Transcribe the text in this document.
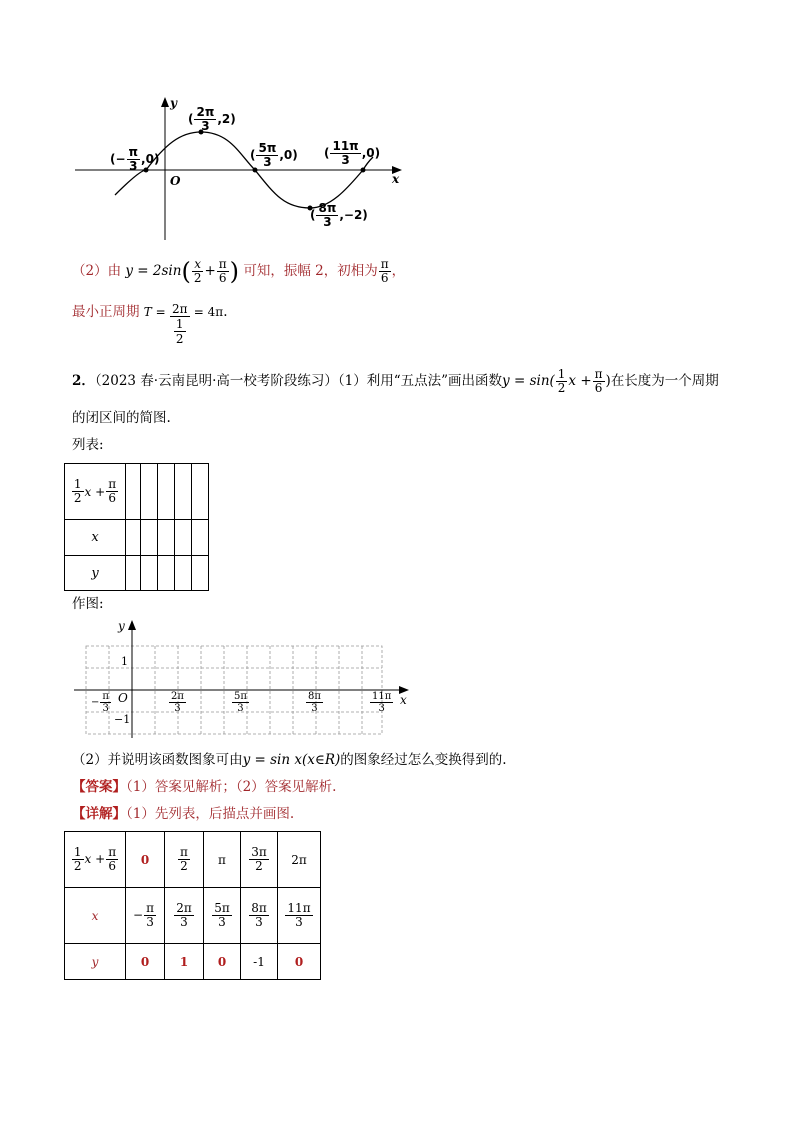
x
y
O
(− $\frac{\pi}{3} ,0$)
( $\frac{2\pi}{3} ,2$)
( $\frac{5\pi}{3} ,0$)
( $\frac{8\pi}{3} ,-2$)
( $\frac{11\pi}{3} ,0$)
（2）由 $y = 2\sin( \frac{x}{2} + \frac{\pi}{6}$ ) 可知，振幅 2，初相为 $\frac{\pi}{6}$ ，
最小正周期 T = 2π
1
2 = 4π.
2．（2023 春·云南昆明·高一校考阶段练习）（1）利用“五点法”画出函数$y = \sin( \frac{1}{2}$ $x + \frac{\pi}{6}$ )在长度为一个周期
的闭区间的简图.
列表:
$\frac{1}{2}$ $x + \frac{\pi}{6}$

x					
y					
作图:
y
x
1
−1
O
− $\frac{\pi}{3}$	$\frac{2\pi}{3}$	$\frac{5\pi}{3}$	$\frac{8\pi}{3}$	$\frac{11\pi}{3}$
（2）并说明该函数图象可由y = sin x(x∈R)的图象经过怎么变换得到的.
【答案】（1）答案见解析；（2）答案见解析.
【详解】（1）先列表，后描点并画图.
$\frac{1}{2}$ $x + \frac{\pi}{6}$	0	$\frac{\pi}{2}$	π	$\frac{3\pi}{2}$	2π
x	− $\frac{\pi}{3}$	$\frac{2\pi}{3}$	$\frac{5\pi}{3}$	$\frac{8\pi}{3}$	$\frac{11\pi}{3}$

y	0	1	0	-1	0
